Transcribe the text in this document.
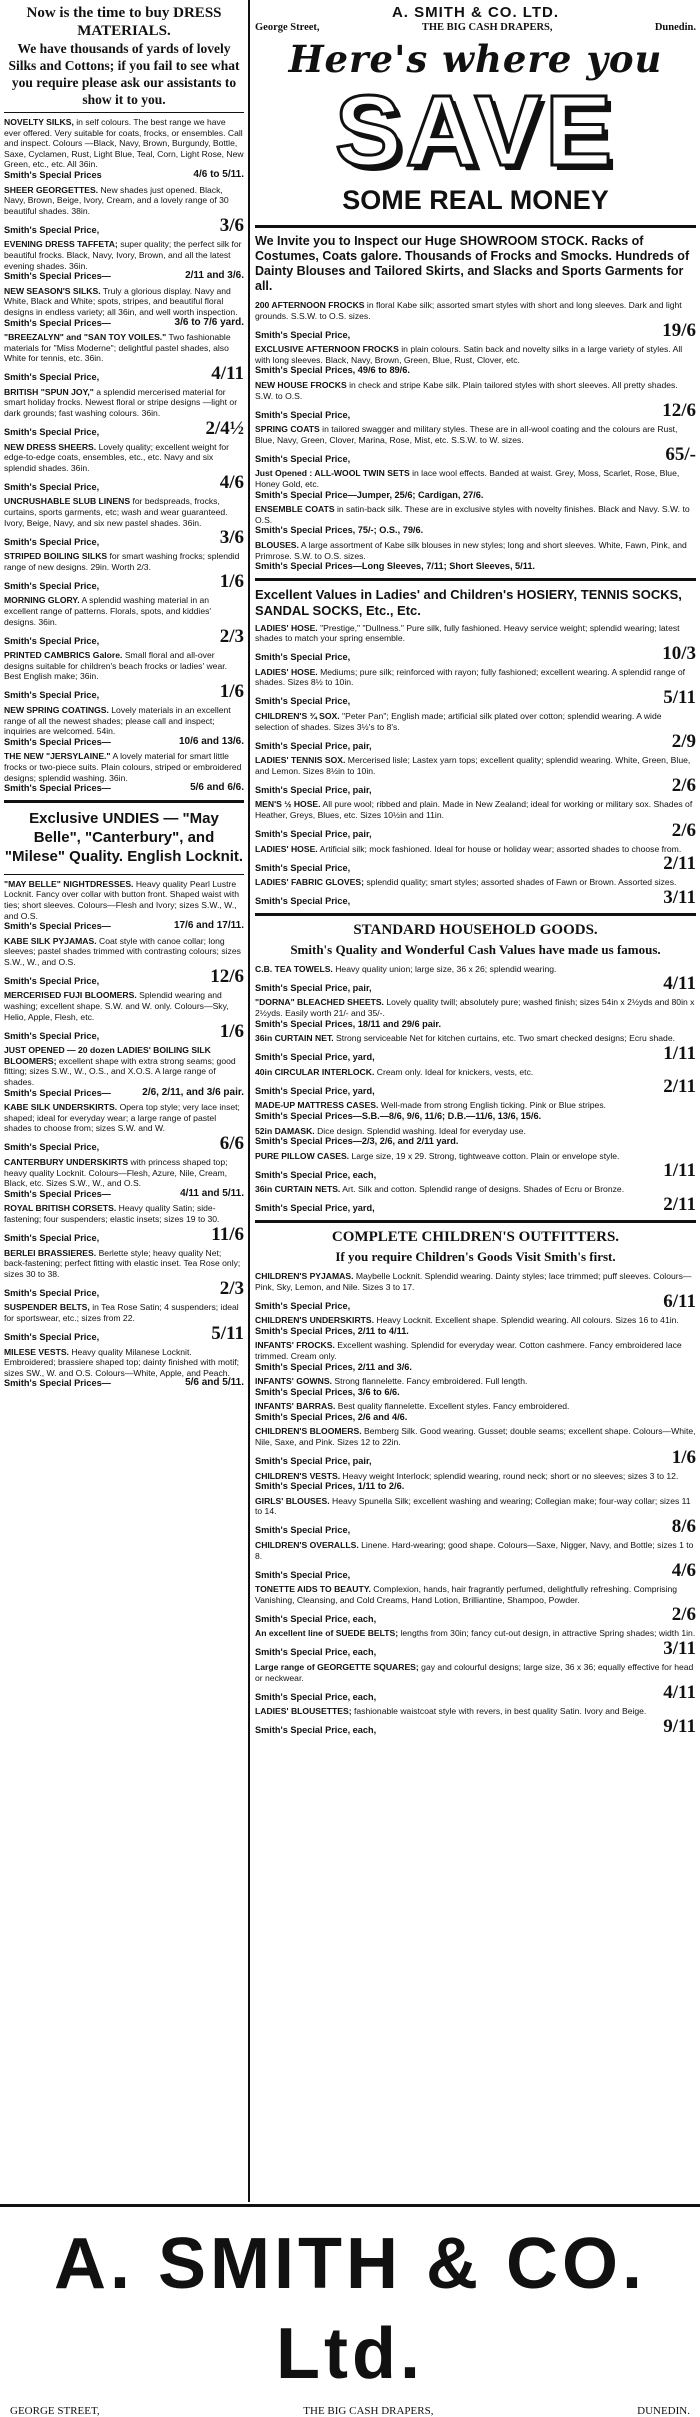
Now is the time to buy DRESS MATERIALS.

We have thousands of yards of lovely Silks and Cottons; if you fail to see what you require please ask our assistants to show it to you.

NOVELTY SILKS, in self colours. The best range we have ever offered. Very suitable for coats, frocks, or ensembles. Call and inspect. Colours —Black, Navy, Brown, Burgundy, Bottle, Saxe, Cyclamen, Rust, Light Blue, Teal, Corn, Light Rose, New Green, etc., etc. All 36in.
Smith's Special Prices	4/6 to 5/11.
SHEER GEORGETTES. New shades just opened. Black, Navy, Brown, Beige, Ivory, Cream, and a lovely range of 30 beautiful shades. 38in.
Smith's Special Price,	3/6
EVENING DRESS TAFFETA; super quality; the perfect silk for beautiful frocks. Black, Navy, Ivory, Brown, and all the latest evening shades. 36in.
Smith's Special Prices—	2/11 and 3/6.
NEW SEASON'S SILKS. Truly a glorious display. Navy and White, Black and White; spots, stripes, and beautiful floral designs in endless variety; all 36in, and well worth inspection.
Smith's Special Prices—	3/6 to 7/6 yard.
"BREEZALYN" and "SAN TOY VOILES." Two fashionable materials for "Miss Moderne"; delightful pastel shades, also White for tennis, etc. 36in.
Smith's Special Price,	4/11
BRITISH "SPUN JOY," a splendid mercerised material for smart holiday frocks. Newest floral or stripe designs —light or dark grounds; fast washing colours. 36in.
Smith's Special Price,	2/4½
NEW DRESS SHEERS. Lovely quality; excellent weight for edge-to-edge coats, ensembles, etc., etc. Navy and six splendid shades. 36in.
Smith's Special Price,	4/6
UNCRUSHABLE SLUB LINENS for bedspreads, frocks, curtains, sports garments, etc; wash and wear guaranteed. Ivory, Beige, Navy, and six new pastel shades. 36in.
Smith's Special Price,	3/6
STRIPED BOILING SILKS for smart washing frocks; splendid range of new designs. 29in. Worth 2/3.
Smith's Special Price,	1/6
MORNING GLORY. A splendid washing material in an excellent range of patterns. Florals, spots, and kiddies' designs. 36in.
Smith's Special Price,	2/3
PRINTED CAMBRICS Galore. Small floral and all-over designs suitable for children's beach frocks or ladies' wear. Best English make; 36in.
Smith's Special Price,	1/6
NEW SPRING COATINGS. Lovely materials in an excellent range of all the newest shades; please call and inspect; inquiries are welcomed. 54in.
Smith's Special Prices—	10/6 and 13/6.
THE NEW "JERSYLAINE." A lovely material for smart little frocks or two-piece suits. Plain colours, striped or embroidered designs; splendid washing. 36in.
Smith's Special Prices—	5/6 and 6/6.

Exclusive UNDIES — "May Belle", "Canterbury", and "Milese" Quality. English Locknit.

"MAY BELLE" NIGHTDRESSES. Heavy quality Pearl Lustre Locknit. Fancy over collar with button front. Shaped waist with ties; short sleeves. Colours—Flesh and Ivory; sizes S.W., W., and O.S.
Smith's Special Prices—	17/6 and 17/11.
KABE SILK PYJAMAS. Coat style with canoe collar; long sleeves; pastel shades trimmed with contrasting colours; sizes S.W., W., and O.S.
Smith's Special Price,	12/6
MERCERISED FUJI BLOOMERS. Splendid wearing and washing; excellent shape. S.W. and W. only. Colours—Sky, Helio, Apple, Flesh, etc.
Smith's Special Price,	1/6
JUST OPENED — 20 dozen LADIES' BOILING SILK BLOOMERS; excellent shape with extra strong seams; good fitting; sizes S.W., W., O.S., and X.O.S. A large range of shades.
Smith's Special Prices—	2/6, 2/11, and 3/6 pair.
KABE SILK UNDERSKIRTS. Opera top style; very lace inset; shaped; ideal for everyday wear; a large range of pastel shades to choose from; sizes S.W. and W.
Smith's Special Price,	6/6
CANTERBURY UNDERSKIRTS with princess shaped top; heavy quality Locknit. Colours—Flesh, Azure, Nile, Cream, Black, etc. Sizes S.W., W., and O.S.
Smith's Special Prices—	4/11 and 5/11.
ROYAL BRITISH CORSETS. Heavy quality Satin; side-fastening; four suspenders; elastic insets; sizes 19 to 30.
Smith's Special Price,	11/6
BERLEI BRASSIERES. Berlette style; heavy quality Net; back-fastening; perfect fitting with elastic inset. Tea Rose only; sizes 30 to 38.
Smith's Special Price,	2/3
SUSPENDER BELTS, in Tea Rose Satin; 4 suspenders; ideal for sportswear, etc.; sizes from 22.
Smith's Special Price,	5/11
MILESE VESTS. Heavy quality Milanese Locknit. Embroidered; brassiere shaped top; dainty finished with motif; sizes SW., W. and O.S. Colours—White, Apple, and Peach.
Smith's Special Prices—	5/6 and 5/11.
A. SMITH & CO. LTD.
George Street,	THE BIG CASH DRAPERS,	Dunedin.
Here's where you
SAVE
SOME REAL MONEY

We Invite you to Inspect our Huge SHOWROOM STOCK. Racks of Costumes, Coats galore. Thousands of Frocks and Smocks. Hundreds of Dainty Blouses and Tailored Skirts, and Slacks and Sports Garments for all.

200 AFTERNOON FROCKS in floral Kabe silk; assorted smart styles with short and long sleeves. Dark and light grounds. S.S.W. to O.S. sizes.
Smith's Special Price,	19/6
EXCLUSIVE AFTERNOON FROCKS in plain colours. Satin back and novelty silks in a large variety of styles. All with long sleeves. Black, Navy, Brown, Green, Blue, Rust, Clover, etc.
Smith's Special Prices, 49/6 to 89/6.
NEW HOUSE FROCKS in check and stripe Kabe silk. Plain tailored styles with short sleeves. All pretty shades. S.W. to O.S.
Smith's Special Price,	12/6
SPRING COATS in tailored swagger and military styles. These are in all-wool coating and the colours are Rust, Blue, Navy, Green, Clover, Marina, Rose, Mist, etc. S.S.W. to W. sizes.
Smith's Special Price,	65/-
Just Opened : ALL-WOOL TWIN SETS in lace wool effects. Banded at waist. Grey, Moss, Scarlet, Rose, Blue, Honey Gold, etc.
Smith's Special Price—Jumper, 25/6; Cardigan, 27/6.
ENSEMBLE COATS in satin-back silk. These are in exclusive styles with novelty finishes. Black and Navy. S.W. to O.S.
Smith's Special Prices, 75/-; O.S., 79/6.
BLOUSES. A large assortment of Kabe silk blouses in new styles; long and short sleeves. White, Fawn, Pink, and Primrose. S.W. to O.S. sizes.
Smith's Special Prices—Long Sleeves, 7/11; Short Sleeves, 5/11.

Excellent Values in Ladies' and Children's HOSIERY, TENNIS SOCKS, SANDAL SOCKS, Etc., Etc.

LADIES' HOSE. "Prestige," "Dullness." Pure silk, fully fashioned. Heavy service weight; splendid wearing; latest shades to match your spring ensemble.
Smith's Special Price,	10/3
LADIES' HOSE. Mediums; pure silk; reinforced with rayon; fully fashioned; excellent wearing. A splendid range of shades. Sizes 8½ to 10in.
Smith's Special Price,	5/11
CHILDREN'S ¾ SOX. "Peter Pan"; English made; artificial silk plated over cotton; splendid wearing. A wide selection of shades. Sizes 3½'s to 8's.
Smith's Special Price, pair,	2/9
LADIES' TENNIS SOX. Mercerised lisle; Lastex yarn tops; excellent quality; splendid wearing. White, Green, Blue, and Lemon. Sizes 8½in to 10in.
Smith's Special Price, pair,	2/6
MEN'S ½ HOSE. All pure wool; ribbed and plain. Made in New Zealand; ideal for working or military sox. Shades of Heather, Greys, Blues, etc. Sizes 10½in and 11in.
Smith's Special Price, pair,	2/6
LADIES' HOSE. Artificial silk; mock fashioned. Ideal for house or holiday wear; assorted shades to choose from.
Smith's Special Price,	2/11
LADIES' FABRIC GLOVES; splendid quality; smart styles; assorted shades of Fawn or Brown. Assorted sizes.
Smith's Special Price,	3/11

STANDARD HOUSEHOLD GOODS.

Smith's Quality and Wonderful Cash Values have made us famous.

C.B. TEA TOWELS. Heavy quality union; large size, 36 x 26; splendid wearing.
Smith's Special Price, pair,	4/11
"DORNA" BLEACHED SHEETS. Lovely quality twill; absolutely pure; washed finish; sizes 54in x 2½yds and 80in x 2½yds. Easily worth 21/- and 35/-.
Smith's Special Prices, 18/11 and 29/6 pair.
36in CURTAIN NET. Strong serviceable Net for kitchen curtains, etc. Two smart checked designs; Ecru shade.
Smith's Special Price, yard,	1/11
40in CIRCULAR INTERLOCK. Cream only. Ideal for knickers, vests, etc.
Smith's Special Price, yard,	2/11
MADE-UP MATTRESS CASES. Well-made from strong English ticking. Pink or Blue stripes.
Smith's Special Prices—S.B.—8/6, 9/6, 11/6; D.B.—11/6, 13/6, 15/6.
52in DAMASK. Dice design. Splendid washing. Ideal for everyday use.
Smith's Special Prices—2/3, 2/6, and 2/11 yard.
PURE PILLOW CASES. Large size, 19 x 29. Strong, tightweave cotton. Plain or envelope style.
Smith's Special Price, each,	1/11
36in CURTAIN NETS. Art. Silk and cotton. Splendid range of designs. Shades of Ecru or Bronze.
Smith's Special Price, yard,	2/11

COMPLETE CHILDREN'S OUTFITTERS.

If you require Children's Goods Visit Smith's first.

CHILDREN'S PYJAMAS. Maybelle Locknit. Splendid wearing. Dainty styles; lace trimmed; puff sleeves. Colours—Pink, Sky, Lemon, and Nile. Sizes 3 to 17.
Smith's Special Price,	6/11
CHILDREN'S UNDERSKIRTS. Heavy Locknit. Excellent shape. Splendid wearing. All colours. Sizes 16 to 41in.
Smith's Special Prices, 2/11 to 4/11.
INFANTS' FROCKS. Excellent washing. Splendid for everyday wear. Cotton cashmere. Fancy embroidered lace trimmed. Cream only.
Smith's Special Prices, 2/11 and 3/6.
INFANTS' GOWNS. Strong flannelette. Fancy embroidered. Full length.
Smith's Special Prices, 3/6 to 6/6.
INFANTS' BARRAS. Best quality flannelette. Excellent styles. Fancy embroidered.
Smith's Special Prices, 2/6 and 4/6.
CHILDREN'S BLOOMERS. Bemberg Silk. Good wearing. Gusset; double seams; excellent shape. Colours—White, Nile, Saxe, and Pink. Sizes 12 to 22in.
Smith's Special Price, pair,	1/6
CHILDREN'S VESTS. Heavy weight Interlock; splendid wearing, round neck; short or no sleeves; sizes 3 to 12.
Smith's Special Prices, 1/11 to 2/6.
GIRLS' BLOUSES. Heavy Spunella Silk; excellent washing and wearing; Collegian make; four-way collar; sizes 11 to 14.
Smith's Special Price,	8/6
CHILDREN'S OVERALLS. Linene. Hard-wearing; good shape. Colours—Saxe, Nigger, Navy, and Bottle; sizes 1 to 8.
Smith's Special Price,	4/6
TONETTE AIDS TO BEAUTY. Complexion, hands, hair fragrantly perfumed, delightfully refreshing. Comprising Vanishing, Cleansing, and Cold Creams, Hand Lotion, Brilliantine, Shampoo, Powder.
Smith's Special Price, each,	2/6
An excellent line of SUEDE BELTS; lengths from 30in; fancy cut-out design, in attractive Spring shades; width 1in.
Smith's Special Price, each,	3/11
Large range of GEORGETTE SQUARES; gay and colourful designs; large size, 36 x 36; equally effective for head or neckwear.
Smith's Special Price, each,	4/11
LADIES' BLOUSETTES; fashionable waistcoat style with revers, in best quality Satin. Ivory and Beige.
Smith's Special Price, each,	9/11
A. SMITH & CO. Ltd.
GEORGE STREET,	THE BIG CASH DRAPERS,	DUNEDIN.
